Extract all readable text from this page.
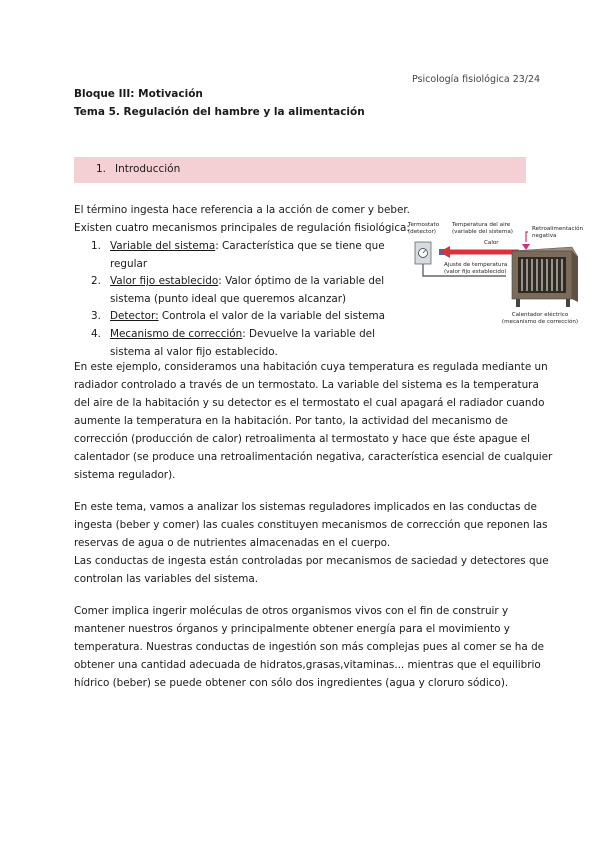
Psicología fisiológica 23/24
Bloque III: Motivación
Tema 5. Regulación del hambre y la alimentación
1. Introducción
El término ingesta hace referencia a la acción de comer y beber.
Existen cuatro mecanismos principales de regulación fisiológica:
1. Variable del sistema: Característica que se tiene que regular
2. Valor fijo establecido: Valor óptimo de la variable del sistema (punto ideal que queremos alcanzar)
3. Detector: Controla el valor de la variable del sistema
4. Mecanismo de corrección: Devuelve la variable del sistema al valor fijo establecido.
Termostato (detector)
Temperatura del aire (variable del sistema)	Retroalimentación negativa
Calor
Ajuste de temperatura (valor fijo establecido)
Calentador eléctrico (mecanismo de corrección)
En este ejemplo, consideramos una habitación cuya temperatura es regulada mediante un
radiador controlado a través de un termostato. La variable del sistema es la temperatura
del aire de la habitación y su detector es el termostato el cual apagará el radiador cuando
aumente la temperatura en la habitación. Por tanto, la actividad del mecanismo de
corrección (producción de calor) retroalimenta al termostato y hace que éste apague el
calentador (se produce una retroalimentación negativa, característica esencial de cualquier
sistema regulador).
En este tema, vamos a analizar los sistemas reguladores implicados en las conductas de
ingesta (beber y comer) las cuales constituyen mecanismos de corrección que reponen las
reservas de agua o de nutrientes almacenadas en el cuerpo.
Las conductas de ingesta están controladas por mecanismos de saciedad y detectores que
controlan las variables del sistema.
Comer implica ingerir moléculas de otros organismos vivos con el fin de construir y
mantener nuestros órganos y principalmente obtener energía para el movimiento y
temperatura. Nuestras conductas de ingestión son más complejas pues al comer se ha de
obtener una cantidad adecuada de hidratos,grasas,vitaminas... mientras que el equilibrio
hídrico (beber) se puede obtener con sólo dos ingredientes (agua y cloruro sódico).
